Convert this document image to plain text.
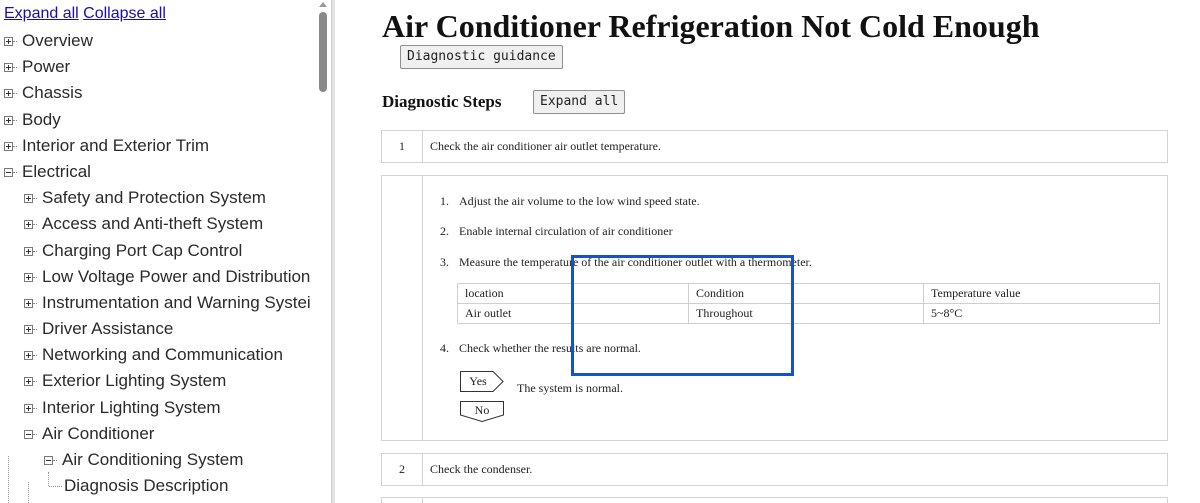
Expand all Collapse all
Overview
Power
Chassis
Body
Interior and Exterior Trim
Electrical
Safety and Protection System
Access and Anti-theft System
Charging Port Cap Control
Low Voltage Power and Distribution
Instrumentation and Warning Systei
Driver Assistance
Networking and Communication
Exterior Lighting System
Interior Lighting System
Air Conditioner
Air Conditioning System
Diagnosis Description
Air Conditioner Refrigeration Not Cold Enough
Diagnostic guidance
Diagnostic Steps	Expand all
1	Check the air conditioner air outlet temperature.
1. Adjust the air volume to the low wind speed state.
2. Enable internal circulation of air conditioner
3. Measure the temperature of the air conditioner outlet with a thermometer.
location	Condition	Temperature value
Air outlet	Throughout	5~8°C
4. Check whether the results are normal.
Yes	The system is normal.
No
2	Check the condenser.
